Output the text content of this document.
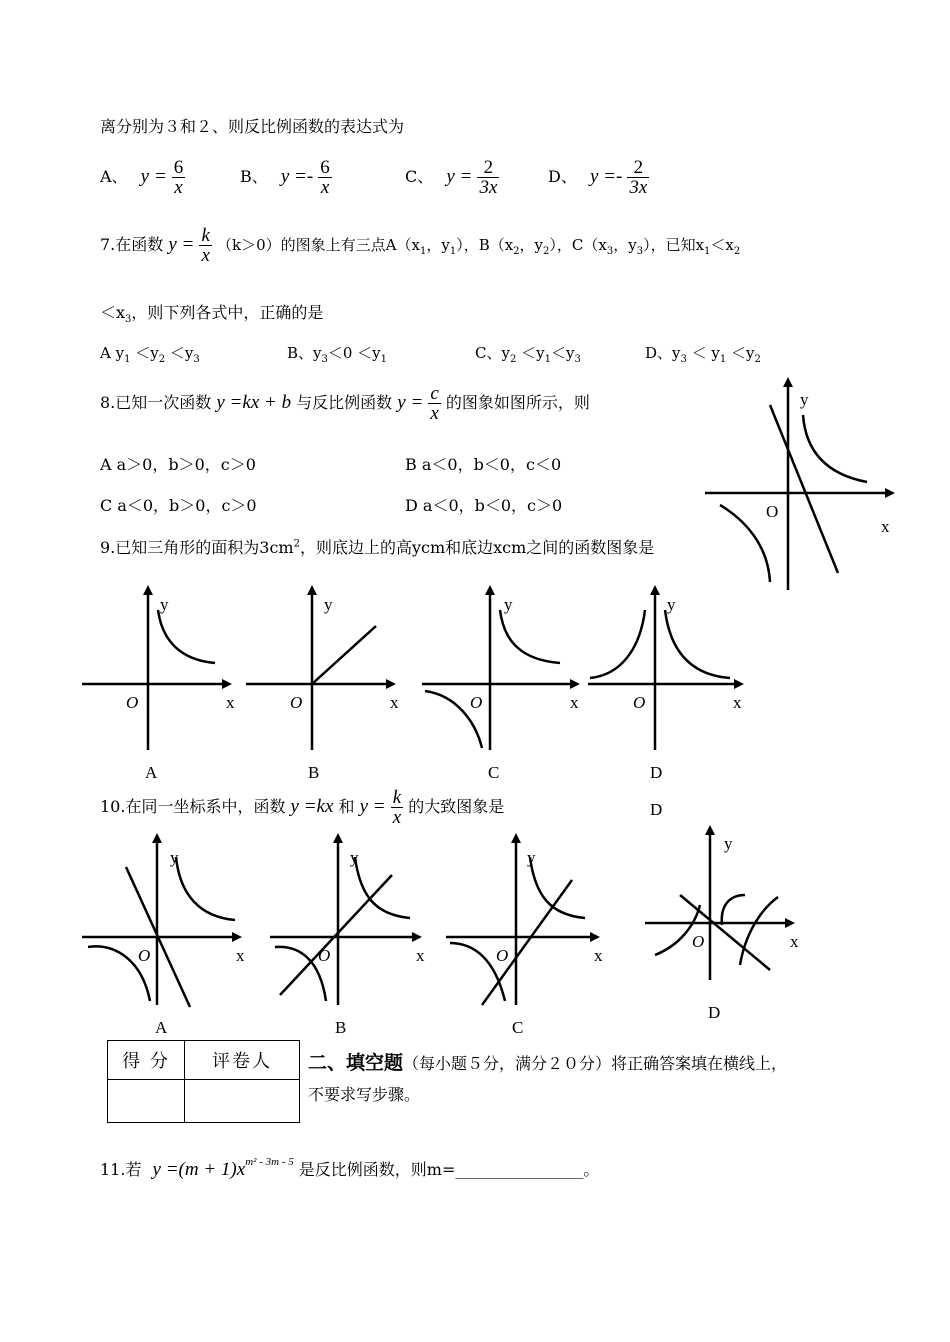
离分别为３和２、则反比例函数的表达式为
A、 $y = \frac{6}{x}$	B、 $y =- \frac{6}{x}$	C、 $y = \frac{2}{3x}$	D、 $y =- \frac{2}{3x}$
7.在函数 $y = \frac{k}{x} (k>0)$的图象上有三点$A(x_1$，$y_1$），$B(x_2$，$y_2$），$C(x_3$，$y_3$），已知$x_1<x_2$
$<x_3$，则下列各式中，正确的是
A $y_1 <y_2 <y_3$	B、$y_3<0 <y_1$	C、$y_2 <y_1<y_3$	D、$y_3 < y_1 <y_2$
8.已知一次函数 y =kx + b 与反比例函数 $y = \frac{c}{x}$ 的图象如图所示，则
A a＞0，b＞0，c＞0	B a＜0，b＜0，c＜0
C a＜0，b＞0，c＞0	D a＜0，b＜0，c＞0
y
x
O
9.已知三角形的面积为$3cm^2$，则底边上的高ycm和底边xcm之间的函数图象是
y
x
O
y
x
O
y
x
O
y
x
O
A	B	C	D
10.在同一坐标系中，函数 y =kx 和 $y = \frac{k}{x}$ 的大致图象是	D
y
x
O
y
x
O
y
x
O
y
x
O
A	B	C
D
得 分	评卷人
	二、填空题（每小题５分，满分２０分）将正确答案填在横线上，
不要求写步骤。
11.若 $y =(m + 1)x^{m^2 - 3m - 5}$ 是反比例函数，则m=________________。
